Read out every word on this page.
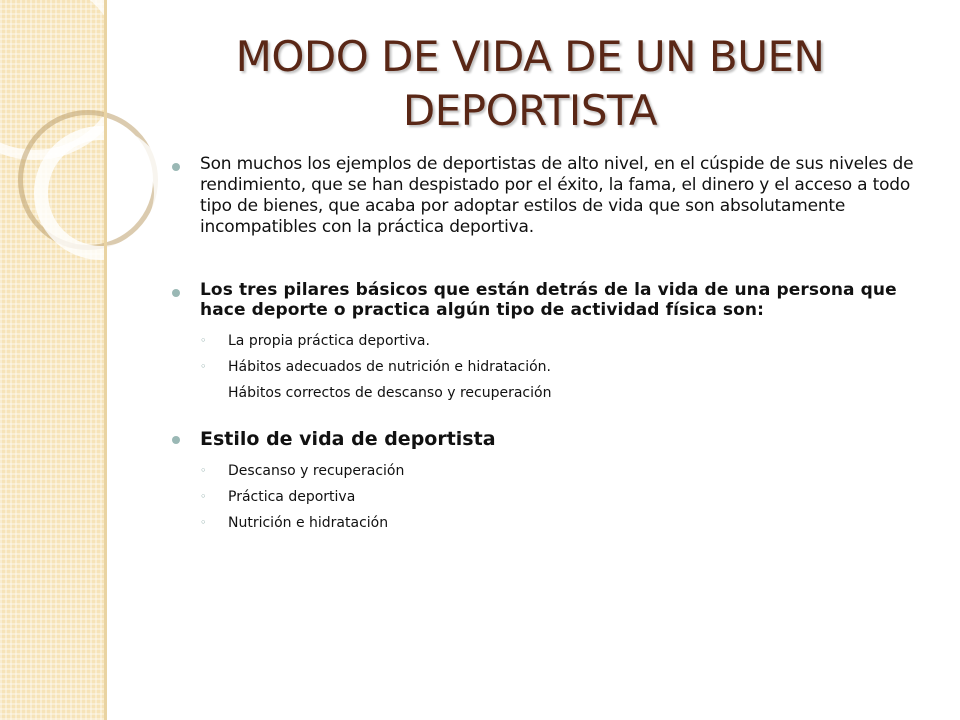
MODO DE VIDA DE UN BUEN DEPORTISTA
Son muchos los ejemplos de deportistas de alto nivel, en el cúspide de sus niveles de rendimiento, que se han despistado por el éxito, la fama, el dinero y el acceso a todo tipo de bienes, que acaba por adoptar estilos de vida que son absolutamente incompatibles con la práctica deportiva.
Los tres pilares básicos que están detrás de la vida de una persona que hace deporte o practica algún tipo de actividad física son:
◦ La propia práctica deportiva.
◦ Hábitos adecuados de nutrición e hidratación.
Hábitos correctos de descanso y recuperación
Estilo de vida de deportista
◦ Descanso y recuperación
◦ Práctica deportiva
◦ Nutrición e hidratación
